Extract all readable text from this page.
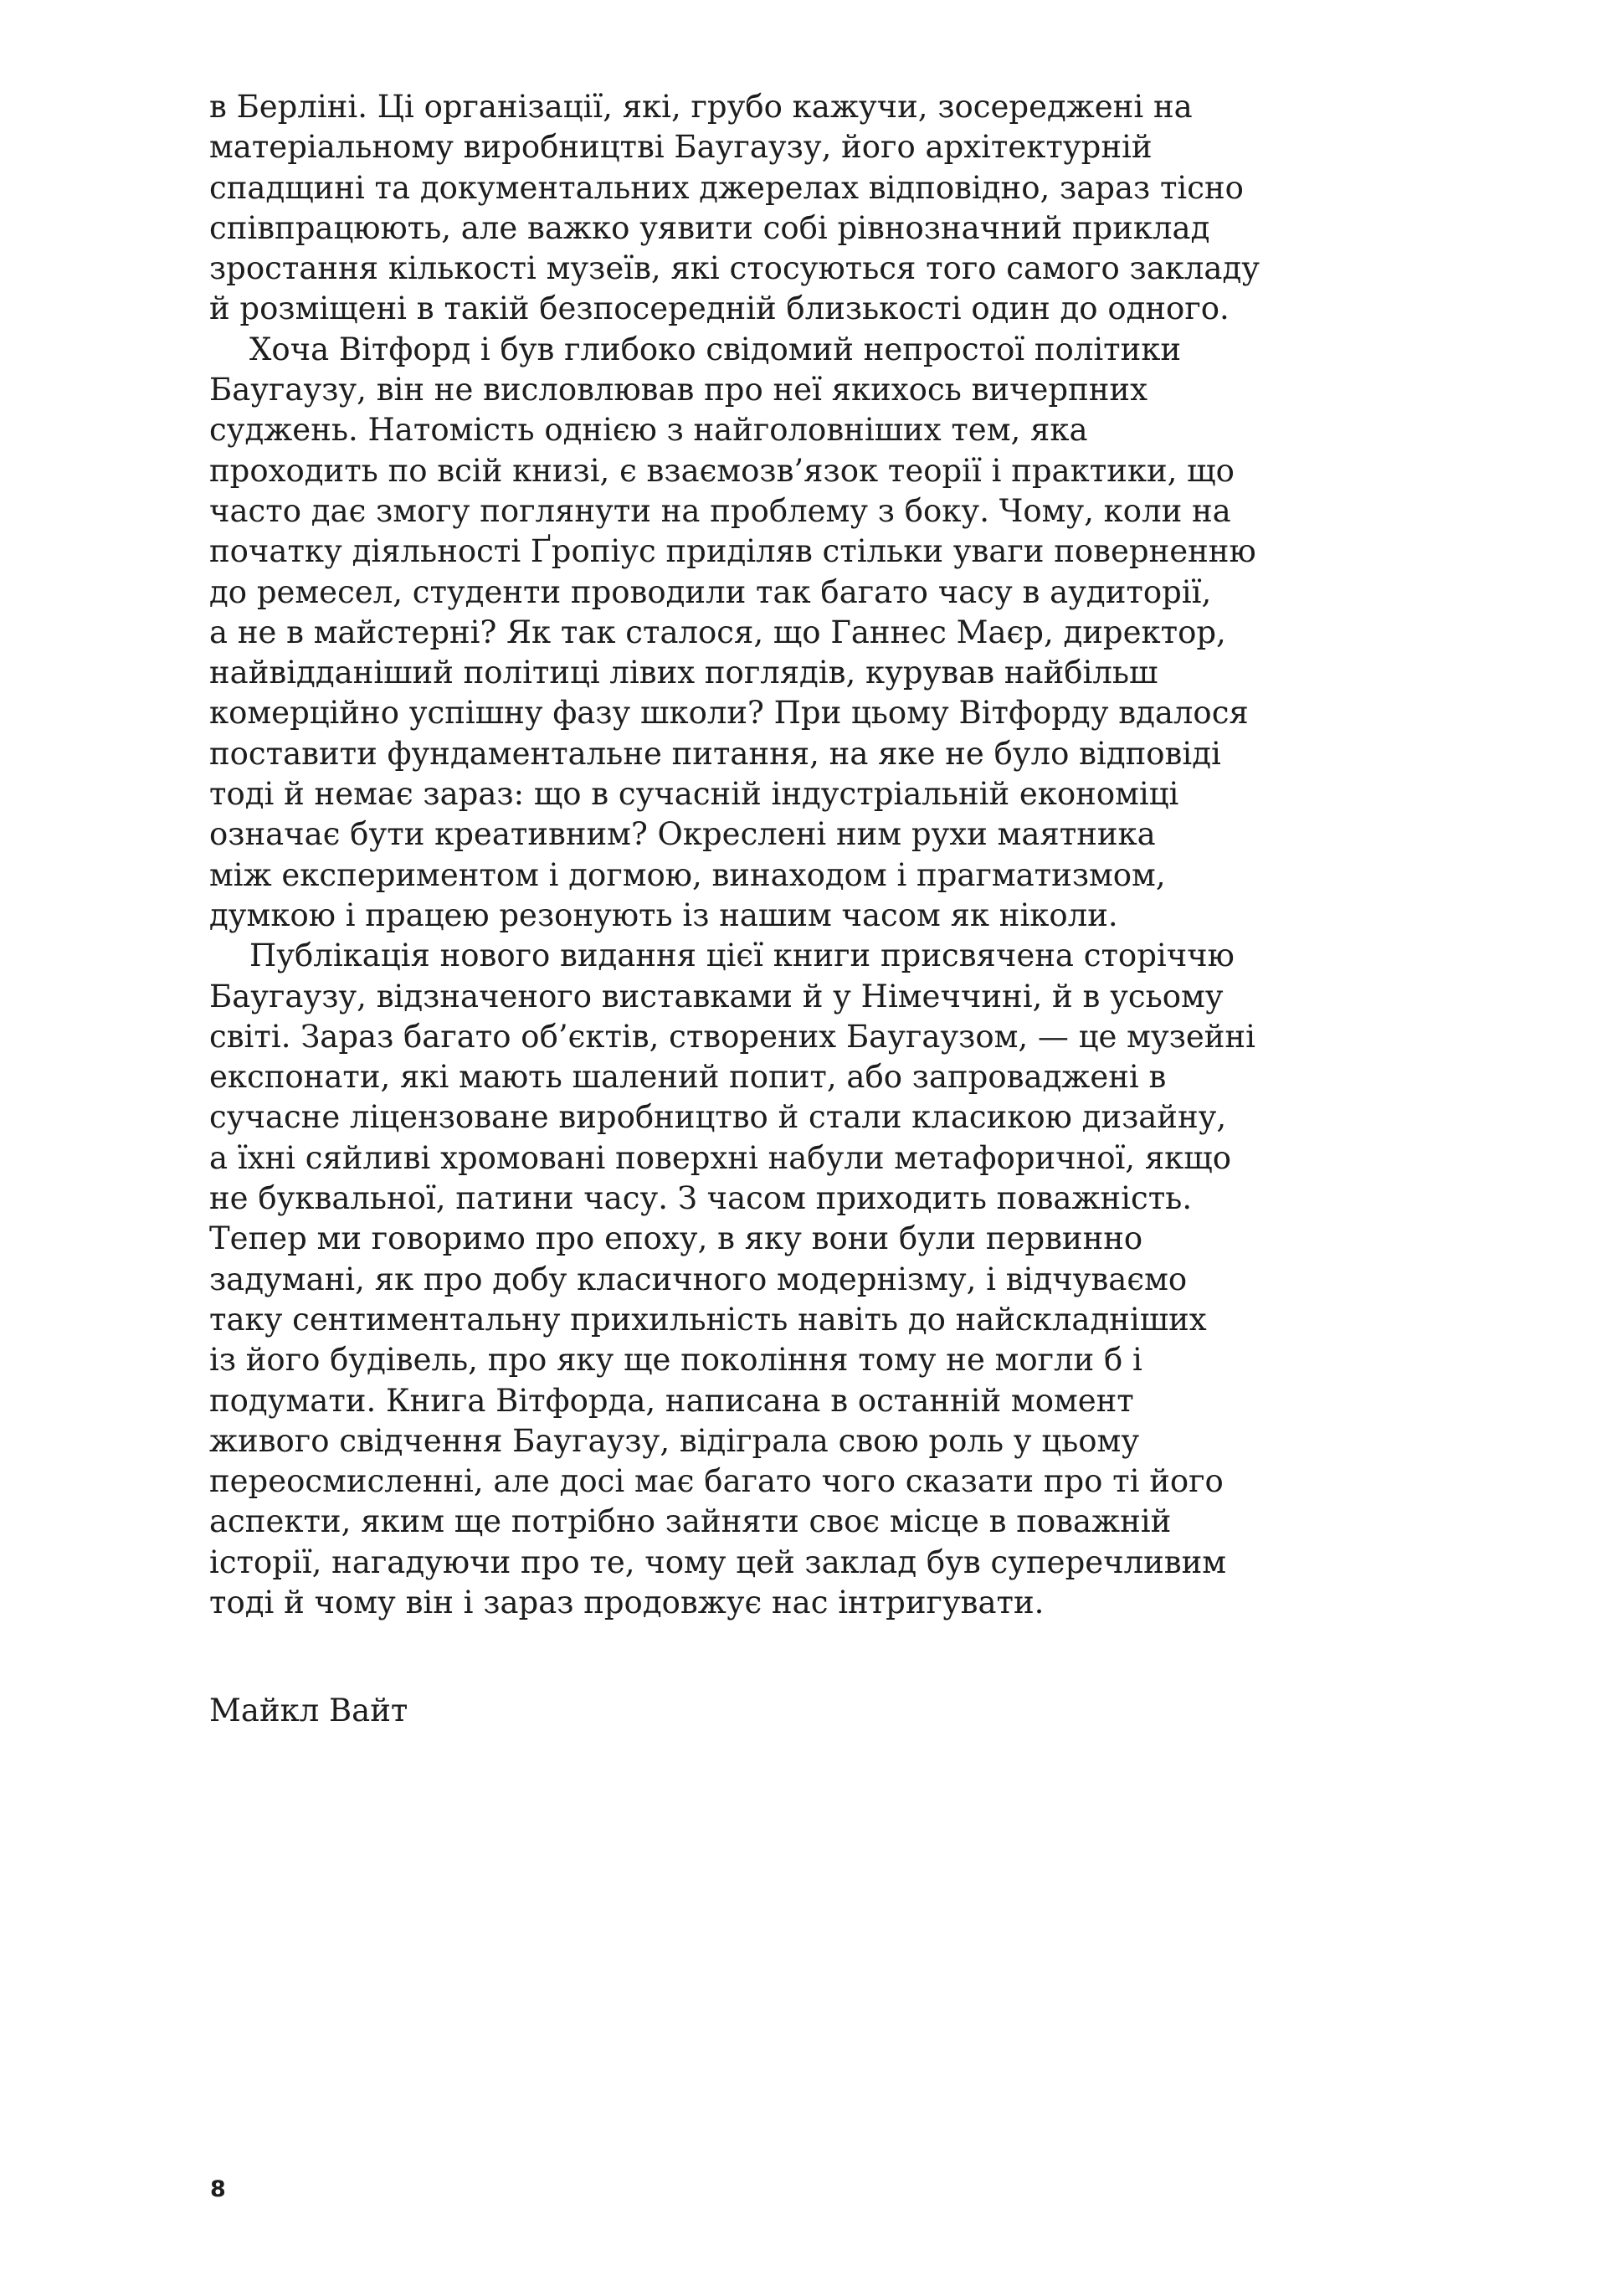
в Берліні. Ці організації, які, грубо кажучи, зосереджені на
матеріальному виробництві Баугаузу, його архітектурній
спадщині та документальних джерелах відповідно, зараз тісно
співпрацюють, але важко уявити собі рівнозначний приклад
зростання кількості музеїв, які стосуються того самого закладу
й розміщені в такій безпосередній близькості один до одного.
Хоча Вітфорд і був глибоко свідомий непростої політики
Баугаузу, він не висловлював про неї якихось вичерпних
суджень. Натомість однією з найголовніших тем, яка
проходить по всій книзі, є взаємозв’язок теорії і практики, що
часто дає змогу поглянути на проблему з боку. Чому, коли на
початку діяльності Ґропіус приділяв стільки уваги поверненню
до ремесел, студенти проводили так багато часу в аудиторії,
а не в майстерні? Як так сталося, що Ганнес Маєр, директор,
найвідданіший політиці лівих поглядів, курував найбільш
комерційно успішну фазу школи? При цьому Вітфорду вдалося
поставити фундаментальне питання, на яке не було відповіді
тоді й немає зараз: що в сучасній індустріальній економіці
означає бути креативним? Окреслені ним рухи маятника
між експериментом і догмою, винаходом і прагматизмом,
думкою і працею резонують із нашим часом як ніколи.
Публікація нового видання цієї книги присвячена сторіччю
Баугаузу, відзначеного виставками й у Німеччині, й в усьому
світі. Зараз багато об’єктів, створених Баугаузом, — це музейні
експонати, які мають шалений попит, або запроваджені в
сучасне ліцензоване виробництво й стали класикою дизайну,
а їхні сяйливі хромовані поверхні набули метафоричної, якщо
не буквальної, патини часу. З часом приходить поважність.
Тепер ми говоримо про епоху, в яку вони були первинно
задумані, як про добу класичного модернізму, і відчуваємо
таку сентиментальну прихильність навіть до найскладніших
із його будівель, про яку ще покоління тому не могли б і
подумати. Книга Вітфорда, написана в останній момент
живого свідчення Баугаузу, відіграла свою роль у цьому
переосмисленні, але досі має багато чого сказати про ті його
аспекти, яким ще потрібно зайняти своє місце в поважній
історії, нагадуючи про те, чому цей заклад був суперечливим
тоді й чому він і зараз продовжує нас інтригувати.
Майкл Вайт
8
